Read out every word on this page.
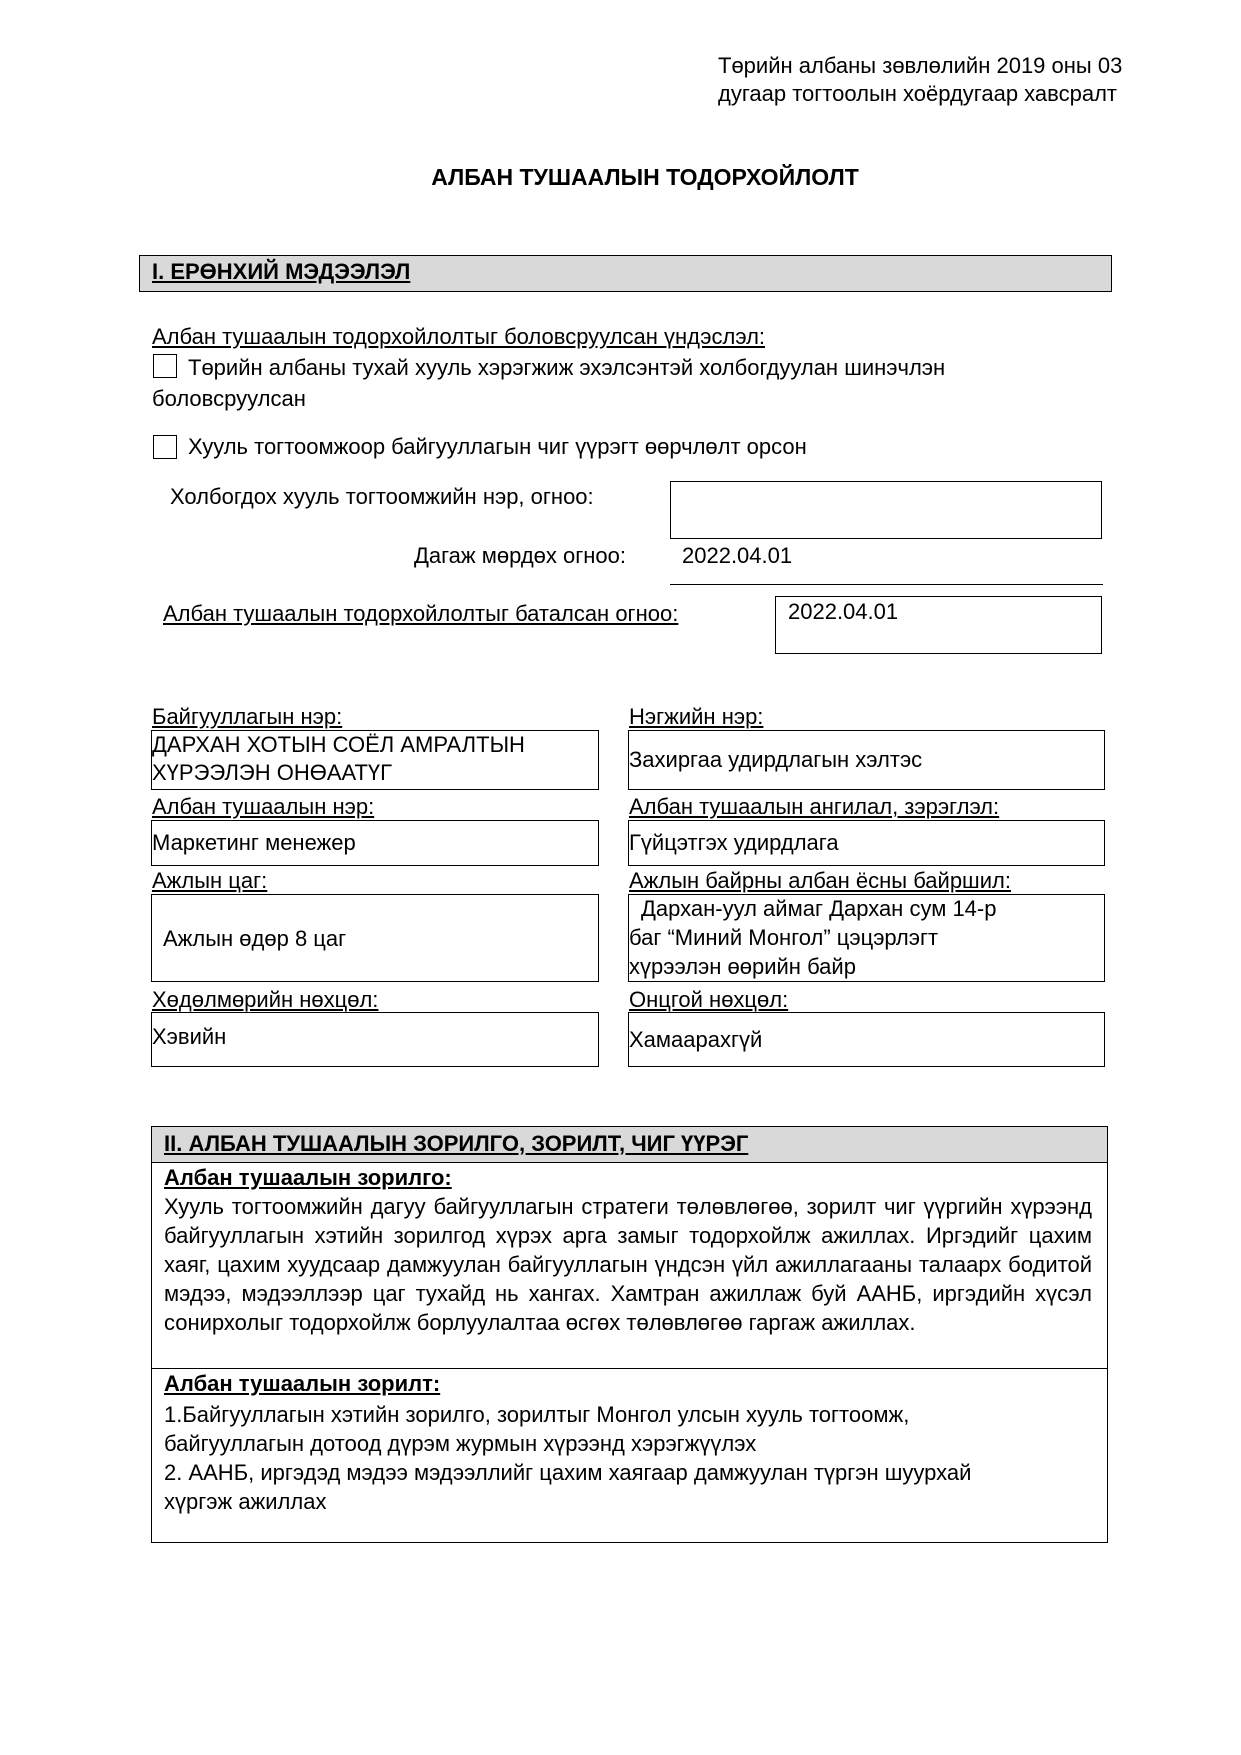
Төрийн албаны зөвлөлийн 2019 оны 03
дугаар тогтоолын хоёрдугаар хавсралт
АЛБАН ТУШААЛЫН ТОДОРХОЙЛОЛТ
I. ЕРӨНХИЙ МЭДЭЭЛЭЛ
Албан тушаалын тодорхойлолтыг боловсруулсан үндэслэл:
Төрийн албаны тухай хууль хэрэгжиж эхэлсэнтэй холбогдуулан шинэчлэн
боловсруулсан
Хууль тогтоомжоор байгууллагын чиг үүрэгт өөрчлөлт орсон
Холбогдох хууль тогтоомжийн нэр, огноо:
Дагаж мөрдөх огноо:	2022.04.01
Албан тушаалын тодорхойлолтыг баталсан огноо:	2022.04.01
Байгууллагын нэр:
ДАРХАН ХОТЫН СОЁЛ АМРАЛТЫН
ХҮРЭЭЛЭН ОНӨААТҮГ
Нэгжийн нэр:
Захиргаа удирдлагын хэлтэс
Албан тушаалын нэр:
Маркетинг менежер
Албан тушаалын ангилал, зэрэглэл:
Гүйцэтгэх удирдлага
Ажлын цаг:
Ажлын өдөр 8 цаг
Ажлын байрны албан ёсны байршил:
Дархан-уул аймаг Дархан сум 14-р
баг “Миний Монгол” цэцэрлэгт
хүрээлэн өөрийн байр
Хөдөлмөрийн нөхцөл:
Хэвийн
Онцгой нөхцөл:
Хамаарахгүй
II. АЛБАН ТУШААЛЫН ЗОРИЛГО, ЗОРИЛТ, ЧИГ ҮҮРЭГ
Албан тушаалын зорилго:
Хууль тогтоомжийн дагуу байгууллагын стратеги төлөвлөгөө, зорилт чиг үүргийн хүрээнд байгууллагын хэтийн зорилгод хүрэх арга замыг тодорхойлж ажиллах. Иргэдийг цахим хаяг, цахим хуудсаар дамжуулан байгууллагын үндсэн үйл ажиллагааны талаарх бодитой мэдээ, мэдээллээр цаг тухайд нь хангах. Хамтран ажиллаж буй ААНБ, иргэдийн хүсэл сонирхолыг тодорхойлж борлуулалтаа өсгөх төлөвлөгөө гаргаж ажиллах.
Албан тушаалын зорилт:
1.Байгууллагын хэтийн зорилго, зорилтыг Монгол улсын хууль тогтоомж,
байгууллагын дотоод дүрэм журмын хүрээнд хэрэгжүүлэх
2. ААНБ, иргэдэд мэдээ мэдээллийг цахим хаягаар дамжуулан түргэн шуурхай
хүргэж ажиллах
